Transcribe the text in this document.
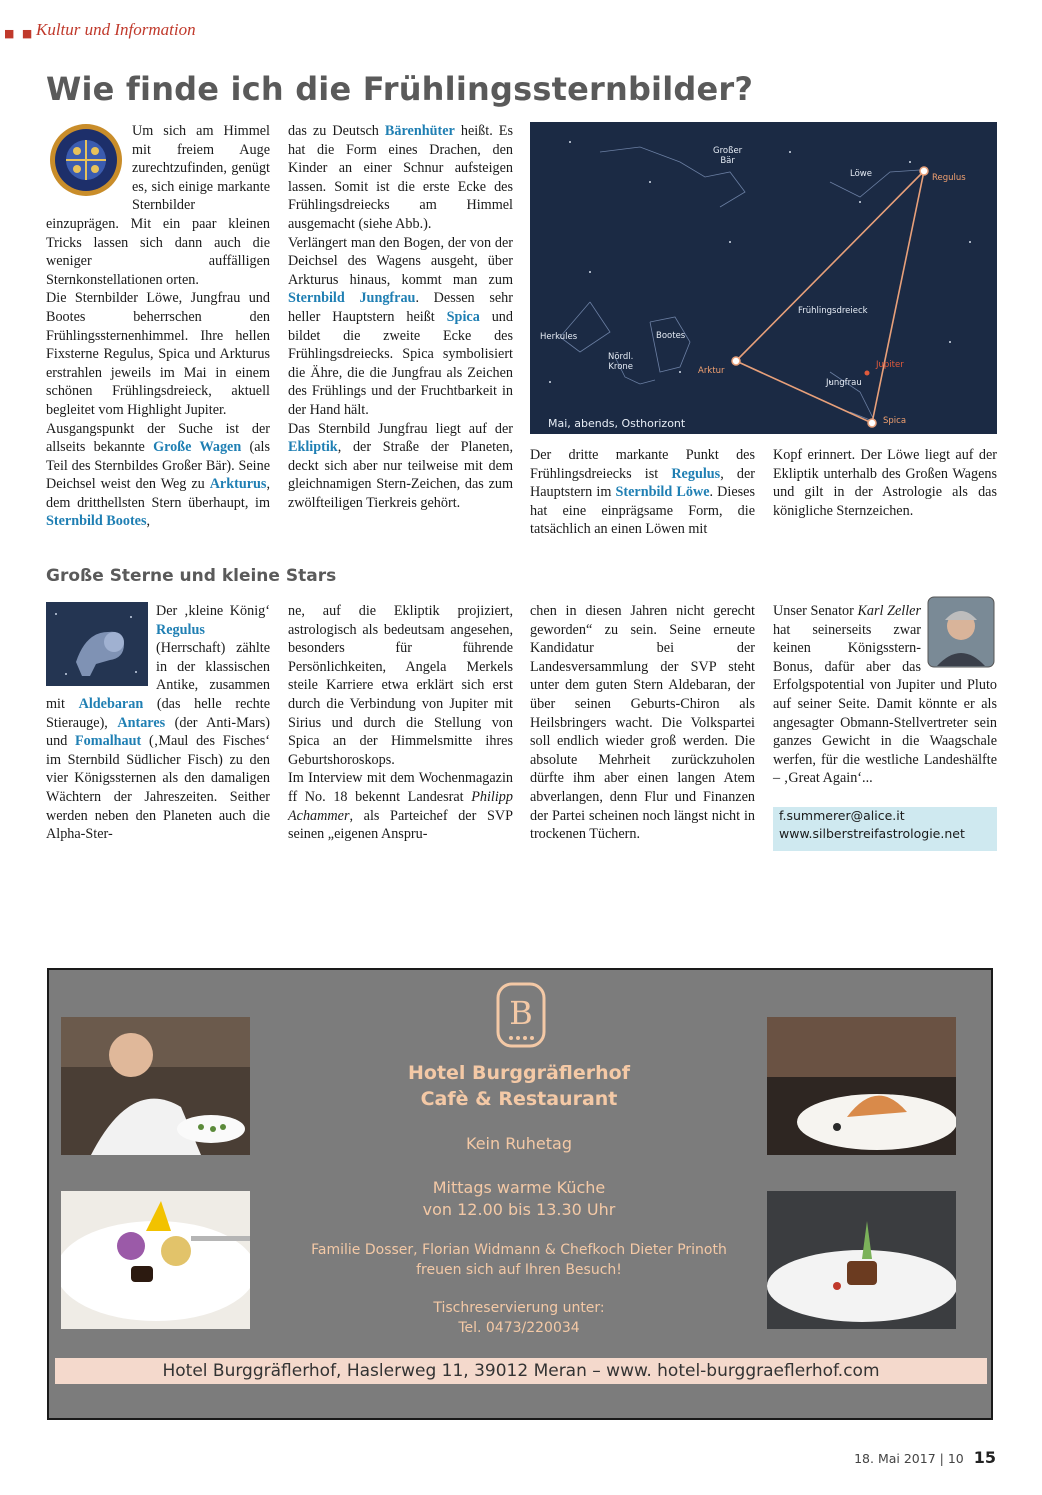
■ ■ Kultur und Information
Wie finde ich die Frühlingssternbilder?

Um sich am Himmel mit freiem Auge zurechtzufinden, genügt es, sich einige markante Sternbilder einzuprägen. Mit ein paar kleinen Tricks lassen sich dann auch die weniger auffälligen Sternkonstellationen orten.

Die Sternbilder Löwe, Jungfrau und Bootes beherrschen den Frühlingssternenhimmel. Ihre hellen Fixsterne Regulus, Spica und Arkturus erstrahlen jeweils im Mai in einem schönen Frühlingsdreieck, aktuell begleitet vom Highlight Jupiter.

Ausgangspunkt der Suche ist der allseits bekannte Große Wagen (als Teil des Sternbildes Großer Bär). Seine Deichsel weist den Weg zu Arkturus, dem dritthellsten Stern überhaupt, im Sternbild Bootes,

das zu Deutsch Bärenhüter heißt. Es hat die Form eines Drachen, den Kinder an einer Schnur aufsteigen lassen. Somit ist die erste Ecke des Frühlingsdreiecks am Himmel ausgemacht (siehe Abb.).

Verlängert man den Bogen, der von der Deichsel des Wagens ausgeht, über Arkturus hinaus, kommt man zum Sternbild Jungfrau. Dessen sehr heller Hauptstern heißt Spica und bildet die zweite Ecke des Frühlingsdreiecks. Spica symbolisiert die Ähre, die die Jungfrau als Zeichen des Frühlings und der Fruchtbarkeit in der Hand hält.

Das Sternbild Jungfrau liegt auf der Ekliptik, der Straße der Planeten, deckt sich aber nur teilweise mit dem gleichnamigen Stern-Zeichen, das zum zwölfteiligen Tierkreis gehört.

Großer
Bär
Löwe	Regulus
Frühlingsdreieck
Herkules	Bootes
Nördl.
Krone	Arktur
Jupiter
Jungfrau
Spica
Mai, abends, Osthorizont

Der dritte markante Punkt des Frühlingsdreiecks ist Regulus, der Hauptstern im Sternbild Löwe. Dieses hat eine einprägsame Form, die tatsächlich an einen Löwen mit

Kopf erinnert. Der Löwe liegt auf der Ekliptik unterhalb des Großen Wagens und gilt in der Astrologie als das königliche Sternzeichen.

Große Sterne und kleine Stars

Der ‚kleine König‘ Regulus (Herrschaft) zählte in der klassischen Antike, zusammen mit Aldebaran (das helle rechte Stierauge), Antares (der Anti-Mars) und Fomalhaut (‚Maul des Fisches‘ im Sternbild Südlicher Fisch) zu den vier Königssternen als den damaligen Wächtern der Jahreszeiten. Seither werden neben den Planeten auch die Alpha-Ster-

ne, auf die Ekliptik projiziert, astrologisch als bedeutsam angesehen, besonders für führende Persönlichkeiten, Angela Merkels steile Karriere etwa erklärt sich erst durch die Verbindung von Jupiter mit Sirius und durch die Stellung von Spica an der Himmelsmitte ihres Geburtshoroskops.

Im Interview mit dem Wochenmagazin ff No. 18 bekennt Landesrat Philipp Achammer, als Parteichef der SVP seinen „eigenen Anspru-

chen in diesen Jahren nicht gerecht geworden“ zu sein. Seine erneute Kandidatur bei der Landesversammlung der SVP steht unter dem guten Stern Aldebaran, der über seinen Geburts-Chiron als Heilsbringers wacht. Die Volkspartei soll endlich wieder groß werden. Die absolute Mehrheit zurückzuholen dürfte ihm aber einen langen Atem abverlangen, denn Flur und Finanzen der Partei scheinen noch längst nicht in trockenen Tüchern.

Unser Senator Karl Zeller hat seinerseits zwar keinen Königsstern-Bonus, dafür aber das Erfolgspotential von Jupiter und Pluto auf seiner Seite. Damit könnte er als angesagter Obmann-Stellvertreter sein ganzes Gewicht in die Waagschale werfen, für die westliche Landeshälfte – ‚Great Again‘...

f.summerer@alice.it
www.silberstreifastrologie.net
B
Hotel Burggräflerhof
Cafè & Restaurant
Kein Ruhetag
Mittags warme Küche
von 12.00 bis 13.30 Uhr
Familie Dosser, Florian Widmann & Chefkoch Dieter Prinoth
freuen sich auf Ihren Besuch!
Tischreservierung unter:
Tel. 0473/220034
Hotel Burggräflerhof, Haslerweg 11, 39012 Meran – www. hotel-burggraeflerhof.com
18. Mai 2017 | 10 15
